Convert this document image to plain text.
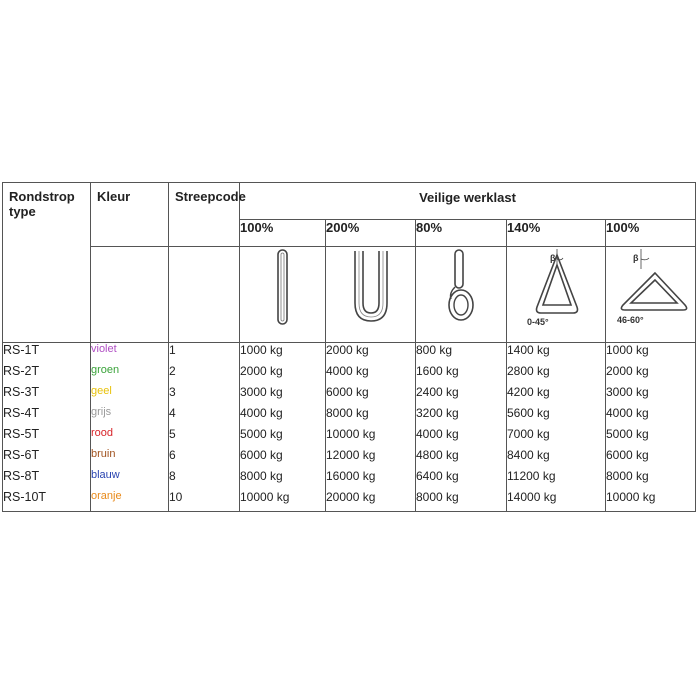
Rondstrop
type	Kleur	Streepcode	Veilige werklast				
			100%	200%	80%	140%	100%

β
0-45°	β
46-60°

RS-1T	violet	1	1000 kg	2000 kg	800 kg	1400 kg	1000 kg
RS-2T	groen	2	2000 kg	4000 kg	1600 kg	2800 kg	2000 kg
RS-3T	geel	3	3000 kg	6000 kg	2400 kg	4200 kg	3000 kg
RS-4T	grijs	4	4000 kg	8000 kg	3200 kg	5600 kg	4000 kg
RS-5T	rood	5	5000 kg	10000 kg	4000 kg	7000 kg	5000 kg
RS-6T	bruin	6	6000 kg	12000 kg	4800 kg	8400 kg	6000 kg
RS-8T	blauw	8	8000 kg	16000 kg	6400 kg	11200 kg	8000 kg
RS-10T	oranje	10	10000 kg	20000 kg	8000 kg	14000 kg	10000 kg
